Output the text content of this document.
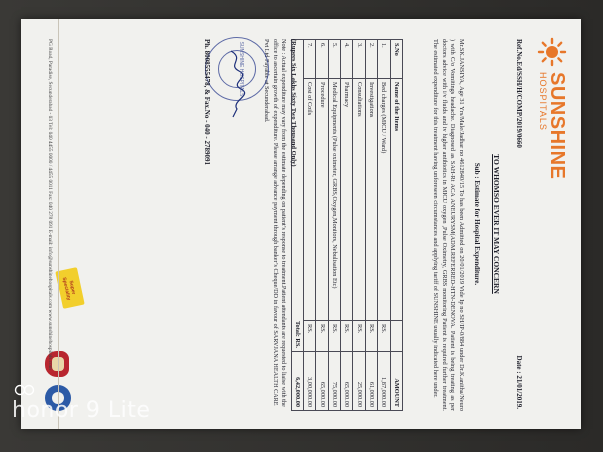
SUNSHINE
HOSPITALS
Ref.No.Ed/SSH/H/COMP/2019/0660
Date : 21/01/2019.
TO WHOMSO EVER IT MAY CONCERN
Sub : Estimate for Hospital Expenditure.
Mr.SK.JANSIYA, Age 31 Yrs/Male/Jadhar no 4612840/15 To has been Admitted on 20/01/2019 Vide Ip no SH/IP-0/884 under Dr.K.anitha/Neuro ) with C/o Vomitings headache. Diagnosed as SAH-Rt ACA ANEURYSM(ADM.REFERRED-HTN-DENOVA. Patient is being treating as per doctors advice with i/v fluids and iv higher antibiotics in MICU oxygen ,Pulse Oximetry, GRBS monitoring Patient is required further treatment. The estimated expenditure for this treatment having unforeseen circumstances and applying tariff of SUNSHINE usually indicated here under.
S.No	Name of the Items		AMOUNT
1.	Bed charges (MICU / Ward)	RS.	1,87,000.00
2.	Investigations	RS.	61,000.00
3.	Consultations	RS.	25,000.00
4.	Pharmacy	RS.	65,000.00
5.	Medical Equipments (Pulse oximeter, GRBS,Oxygen,Monitors, Nebulisation Etc)	RS.	75,000.00
6.	Procedure	RS.	65,000.00
7.	Cost of Coils	RS.	3,00,000.00
Total: RS.			6,42,000.00
(Rupees Six Lakhs Sixty Two Thousand Only)
Note : Actual expenditure may vary from the estimate depending on patient’s response to treatment.Patient attendants are requested to liaise with the office to ascertain growth of expenditure. Please arrange advance payment through banker’s Cheque/DD in favour of SARVJANA HEALTH CARE Pvt Ltd Payable at Secunderabad.
SUNSHINE HOSPITALS
Ph. 8008555478, & Fax.No - 040 - 2789091
Super Speciality
PG Road, Paradise, Secunderabad - 03 Tel: 040 4455 0000 / 4455 0011 Fax: 040 278 091 E-mail: info@sunshinehospitals.com www.sunshinehospitals.com
honor 9 Lite
